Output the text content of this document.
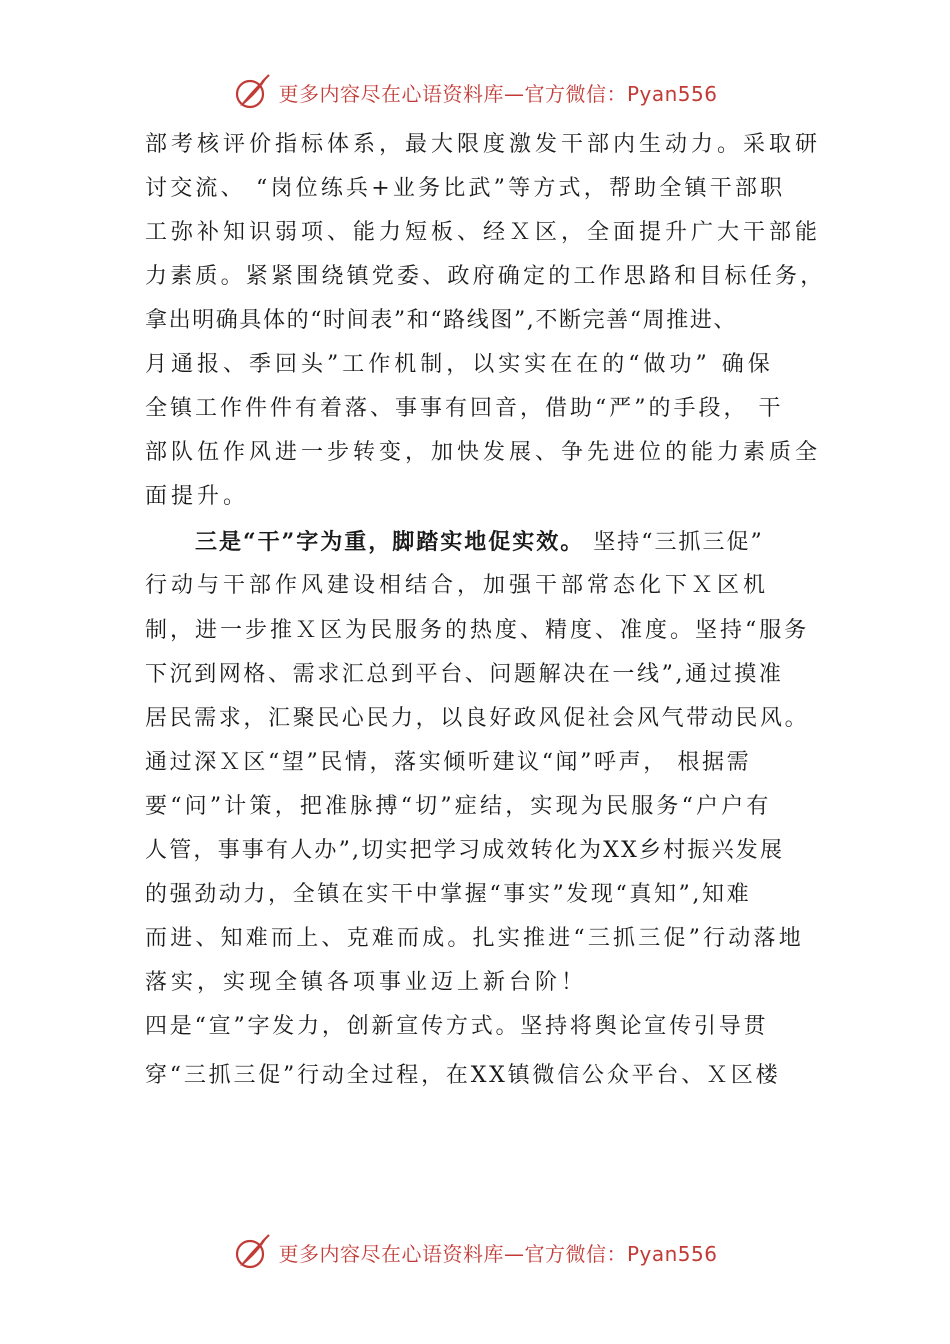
更多内容尽在心语资料库—官方微信：Pyan556
部考核评价指标体系，最大限度激发干部内生动力。采取研
讨交流、 “岗位练兵+业务比武”等方式，帮助全镇干部职
工弥补知识弱项、能力短板、经Ｘ区，全面提升广大干部能
力素质。紧紧围绕镇党委、政府确定的工作思路和目标任务，
拿出明确具体的“时间表”和“路线图”,不断完善“周推进、
月通报、季回头”工作机制，以实实在在的“做功” 确保
全镇工作件件有着落、事事有回音，借助“严”的手段， 干
部队伍作风进一步转变，加快发展、争先进位的能力素质全
面提升。
三是“干”字为重，脚踏实地促实效。 坚持“三抓三促”
行动与干部作风建设相结合，加强干部常态化下Ｘ区机
制，进一步推Ｘ区为民服务的热度、精度、准度。坚持“服务
下沉到网格、需求汇总到平台、问题解决在一线”,通过摸准
居民需求，汇聚民心民力，以良好政风促社会风气带动民风。
通过深Ｘ区“望”民情，落实倾听建议“闻”呼声， 根据需
要“问”计策，把准脉搏“切”症结，实现为民服务“户户有
人管，事事有人办”,切实把学习成效转化为XX乡村振兴发展
的强劲动力，全镇在实干中掌握“事实”发现“真知”,知难
而进、知难而上、克难而成。扎实推进“三抓三促”行动落地
落实，实现全镇各项事业迈上新台阶！
四是“宣”字发力，创新宣传方式。坚持将舆论宣传引导贯
穿“三抓三促”行动全过程，在XX镇微信公众平台、Ｘ区楼
更多内容尽在心语资料库—官方微信：Pyan556
